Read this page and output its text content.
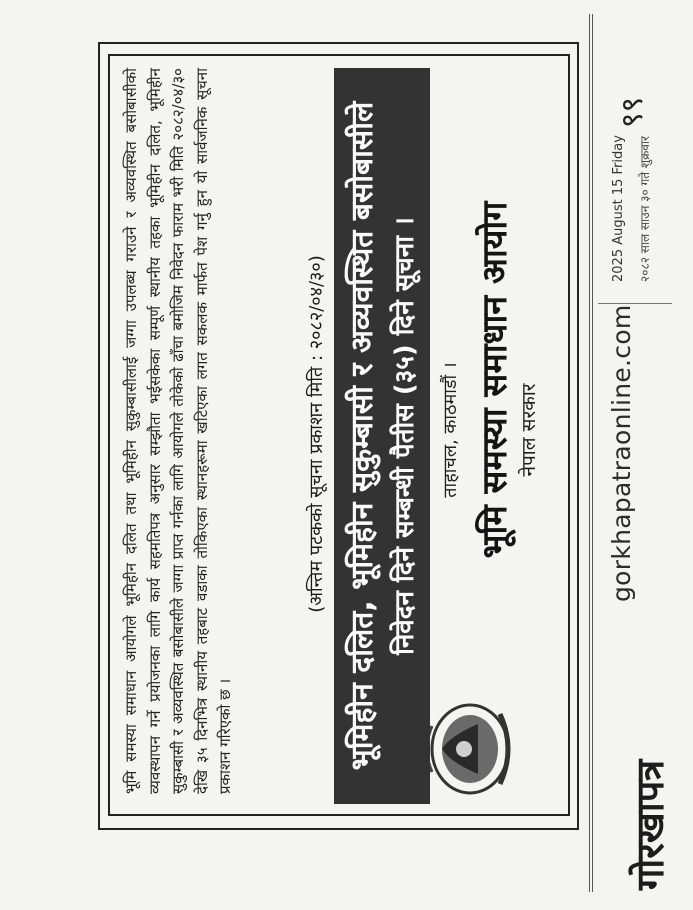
गोरखापत्र
gorkhapatraonline.com
२०८२ साल साउन ३० गते शुक्रवार
2025 August 15 Friday
९९
नेपाल सरकार
भूमि समस्या समाधान आयोग
ताहाचल, काठमाडौं ।
भूमिहीन दलित, भूमिहीन सुकुम्बासी र अव्यवस्थित बसोबासीले निवेदन दिने सम्बन्धी पैतीस (३५) दिने सूचना ।
(अन्तिम पटकको सूचना प्रकाशन मिति : २०८२/०४/३०)
भूमि समस्या समाधान आयोगले भूमिहीन दलित तथा भूमिहीन सुकुम्बासीलाई जग्गा उपलब्ध गराउने र अव्यवस्थित बसोबासीको व्यवस्थापन गर्ने प्रयोजनका लागि कार्य सहमतिपत्र अनुसार सम्झौता भईसकेका सम्पूर्ण स्थानीय तहका भूमिहीन दलित, भूमिहीन सुकुम्बासी र अव्यवस्थित बसोबासीले जग्गा प्राप्त गर्नका लागि आयोगले तोकेको ढाँचा बमोजिम निवेदन फाराम भरी मिति २०८२/०४/३० देखि ३५ दिनभित्र स्थानीय तहबाट वडाका तोकिएका स्थानहरूमा खटिएका लगत सकलक मार्फत पेश गर्नु हुन यो सार्वजनिक सूचना प्रकाशन गरिएको छ ।
